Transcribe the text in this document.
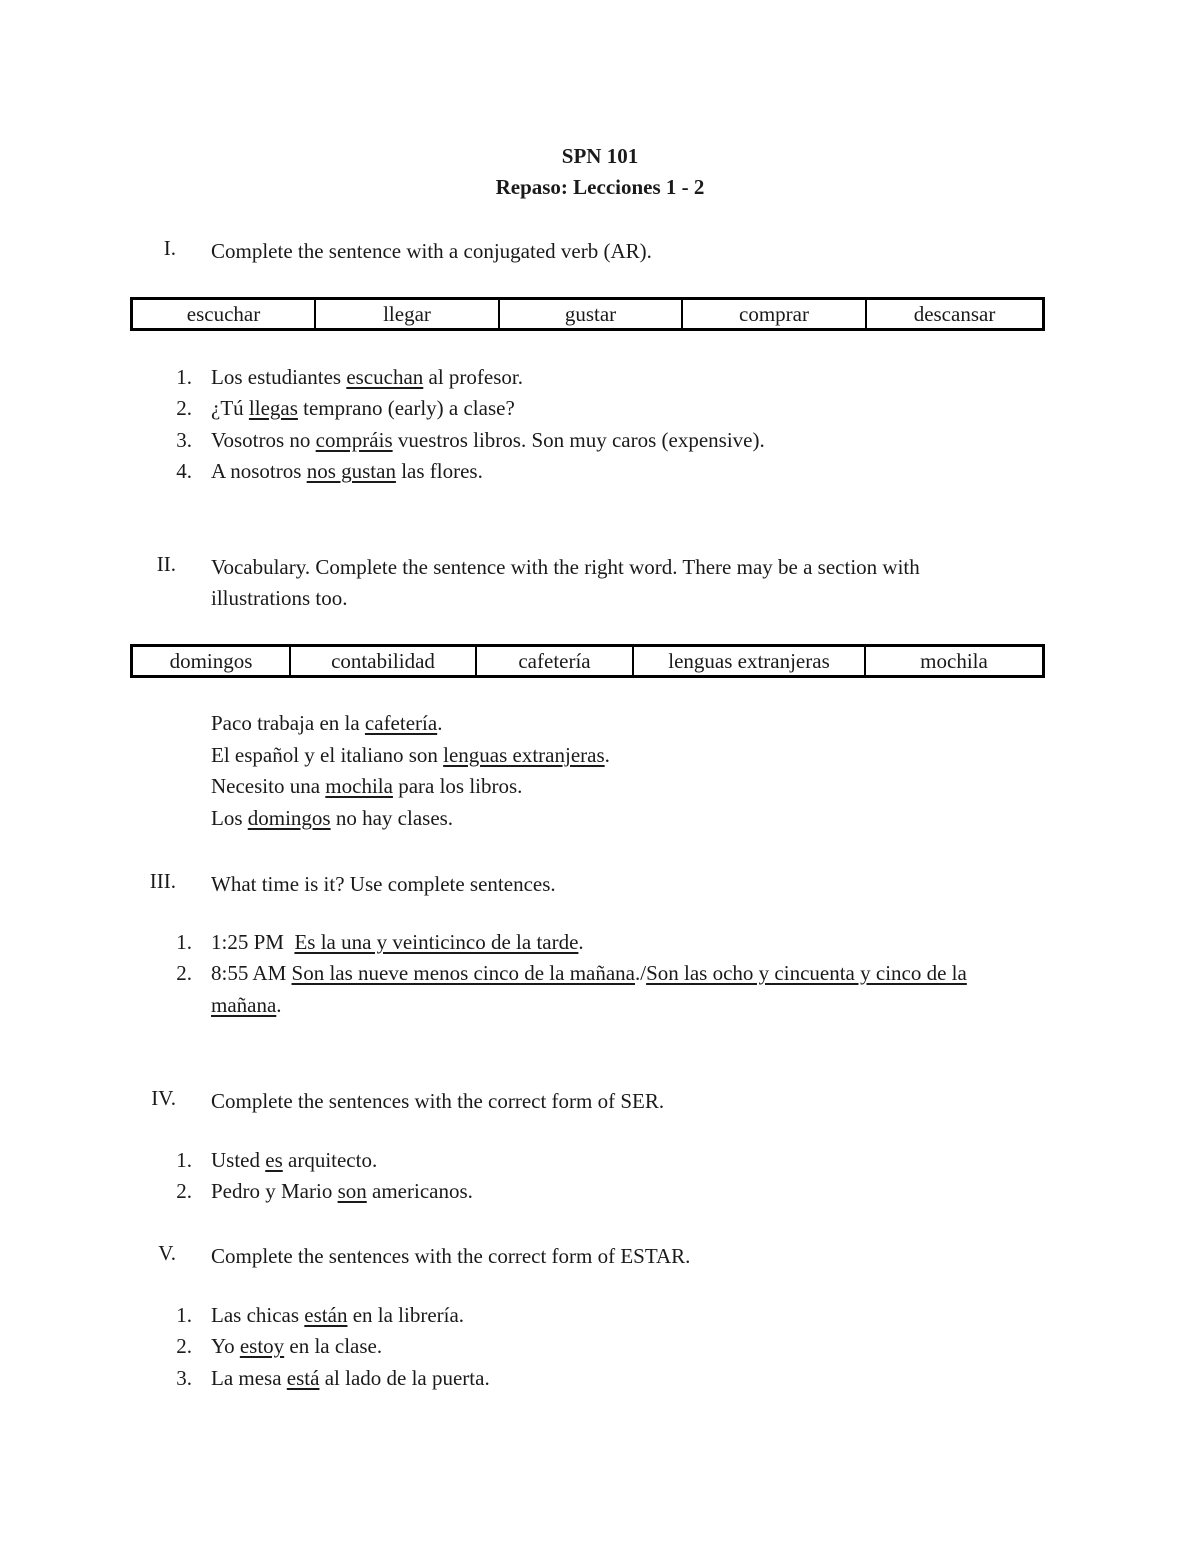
SPN 101
Repaso: Lecciones 1 - 2
I. Complete the sentence with a conjugated verb (AR).
escuchar	llegar	gustar	comprar	descansar
1. Los estudiantes escuchan al profesor.
2. ¿Tú llegas temprano (early) a clase?
3. Vosotros no compráis vuestros libros. Son muy caros (expensive).
4. A nosotros nos gustan las flores.
II. Vocabulary. Complete the sentence with the right word. There may be a section with illustrations too.
domingos	contabilidad	cafetería	lenguas extranjeras	mochila
Paco trabaja en la cafetería.
El español y el italiano son lenguas extranjeras.
Necesito una mochila para los libros.
Los domingos no hay clases.
III. What time is it? Use complete sentences.
1. 1:25 PM  Es la una y veinticinco de la tarde.
2. 8:55 AM Son las nueve menos cinco de la mañana./Son las ocho y cincuenta y cinco de la
mañana.
IV. Complete the sentences with the correct form of SER.
1. Usted es arquitecto.
2. Pedro y Mario son americanos.
V. Complete the sentences with the correct form of ESTAR.
1. Las chicas están en la librería.
2. Yo estoy en la clase.
3. La mesa está al lado de la puerta.
